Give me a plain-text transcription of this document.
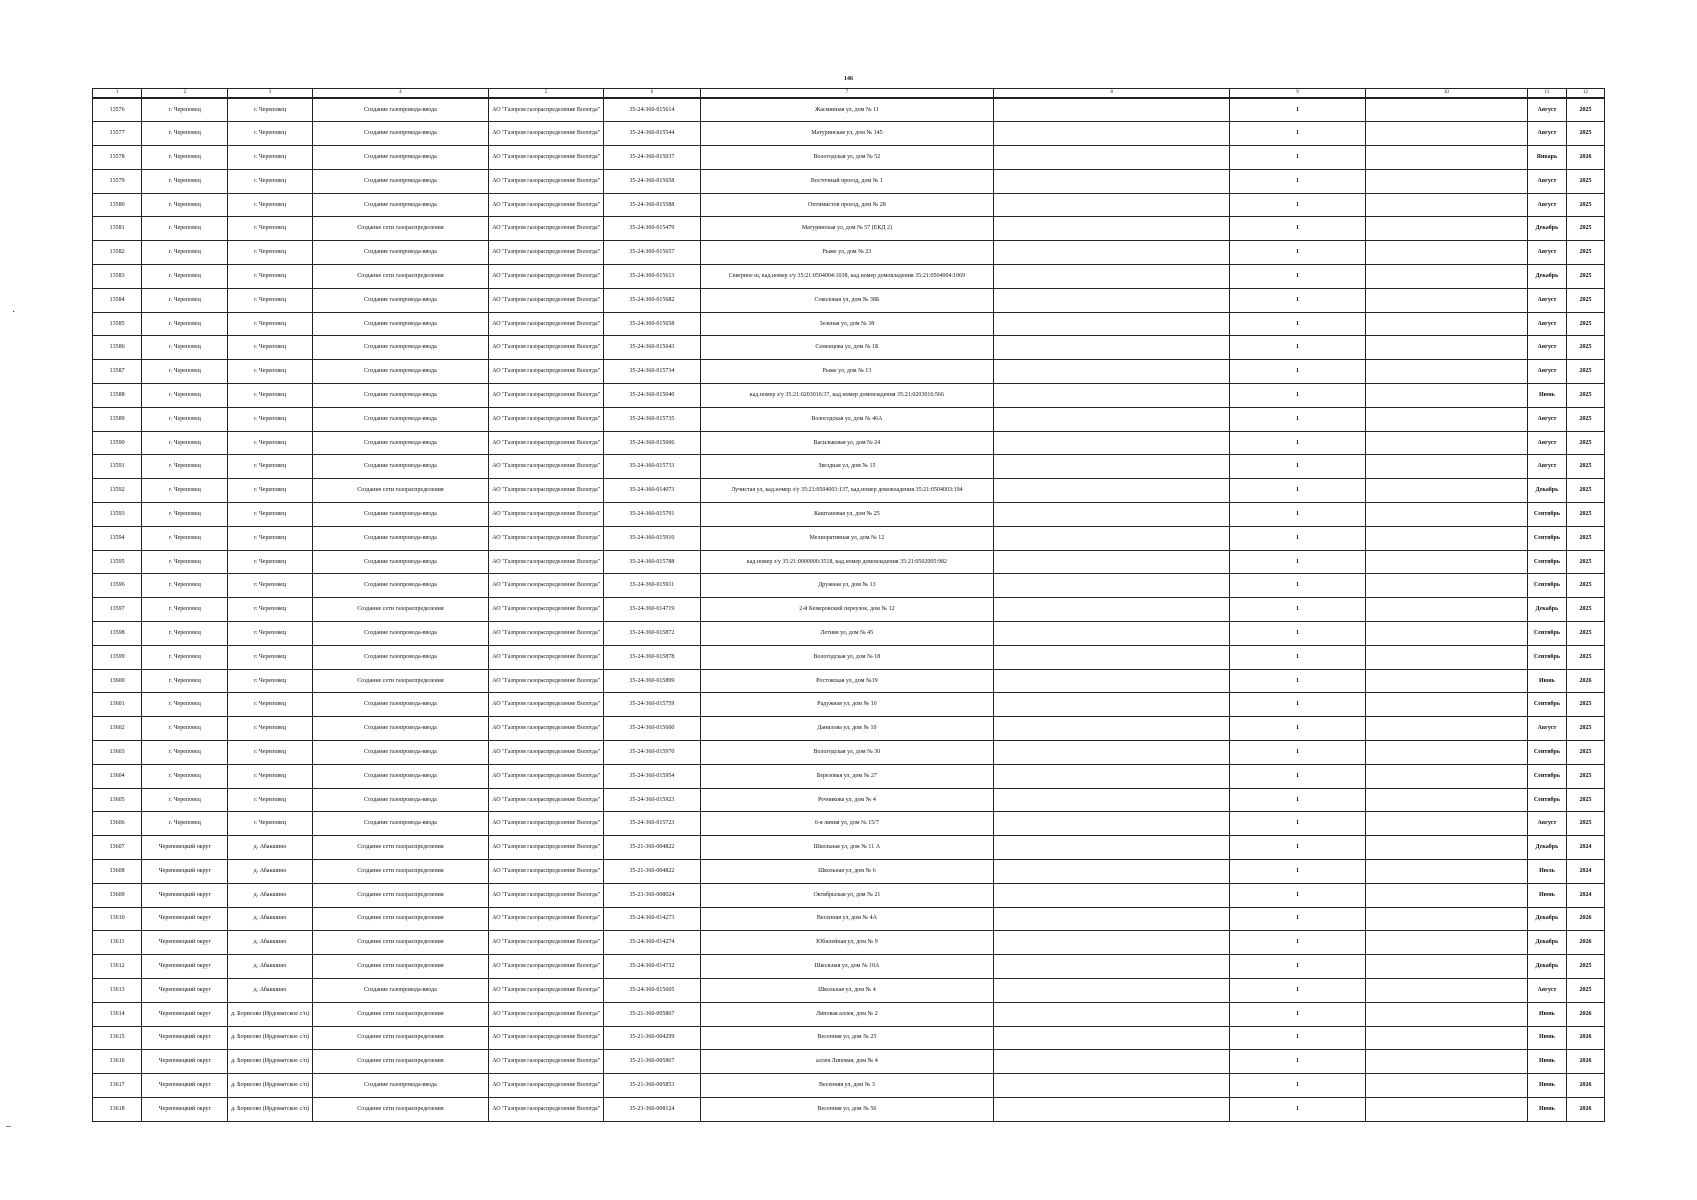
146
·
–
1	2	3	4	5	6	7	8	9	10	11	12
13576	г. Череповец	г. Череповец	Создание газопровода-ввода	АО "Газпром газораспределение Вологда"	35-24-360-015614	Жасминная ул, дом № 11		1		Август	2025
13577	г. Череповец	г. Череповец	Создание газопровода-ввода	АО "Газпром газораспределение Вологда"	35-24-360-015544	Матуринская ул, дом № 145		1		Август	2025
13578	г. Череповец	г. Череповец	Создание газопровода-ввода	АО "Газпром газораспределение Вологда"	35-24-360-015037	Вологодская ул, дом № 52		1		Январь	2026
13579	г. Череповец	г. Череповец	Создание газопровода-ввода	АО "Газпром газораспределение Вологда"	35-24-360-015658	Восточный проезд, дом № 1		1		Август	2025
13580	г. Череповец	г. Череповец	Создание газопровода-ввода	АО "Газпром газораспределение Вологда"	35-24-360-015588	Оптимистов проезд, дом № 28		1		Август	2025
13581	г. Череповец	г. Череповец	Создание сети газораспределения	АО "Газпром газораспределение Вологда"	35-24-360-015479	Матуринская ул, дом № 57 (ЕКД 2)		1		Декабрь	2025
13582	г. Череповец	г. Череповец	Создание газопровода-ввода	АО "Газпром газораспределение Вологда"	35-24-360-015657	Рыже ул, дом № 23		1		Август	2025
13583	г. Череповец	г. Череповец	Создание сети газораспределения	АО "Газпром газораспределение Вологда"	35-24-360-015613	Северное ш, кад.номер з/у 35:21:0504004:1038, кад.номер домовладения 35:21:0504004:1069		1		Декабрь	2025
13584	г. Череповец	г. Череповец	Создание газопровода-ввода	АО "Газпром газораспределение Вологда"	35-24-360-015682	Соколовая ул, дом № 38Б		1		Август	2025
13585	г. Череповец	г. Череповец	Создание газопровода-ввода	АО "Газпром газораспределение Вологда"	35-24-360-015658	Зеленая ул, дом № 38		1		Август	2025
13586	г. Череповец	г. Череповец	Создание газопровода-ввода	АО "Газпром газораспределение Вологда"	35-24-360-015643	Семенцова ул, дом № 1Б		1		Август	2025
13587	г. Череповец	г. Череповец	Создание газопровода-ввода	АО "Газпром газораспределение Вологда"	35-24-360-015734	Рыже ул, дом № 13		1		Август	2025
13588	г. Череповец	г. Череповец	Создание газопровода-ввода	АО "Газпром газораспределение Вологда"	35-24-360-015040	кад.номер з/у 35:21:0203016:37, кад.номер домовладения 35:21:0203016:566		1		Июнь	2025
13589	г. Череповец	г. Череповец	Создание газопровода-ввода	АО "Газпром газораспределение Вологда"	35-24-360-015735	Вологодская ул, дом № 46А		1		Август	2025
13590	г. Череповец	г. Череповец	Создание газопровода-ввода	АО "Газпром газораспределение Вологда"	35-24-360-015606	Васильковая ул, дом № 24		1		Август	2025
13591	г. Череповец	г. Череповец	Создание газопровода-ввода	АО "Газпром газораспределение Вологда"	35-24-360-015733	Звездная ул, дом № 15		1		Август	2025
13592	г. Череповец	г. Череповец	Создание сети газораспределения	АО "Газпром газораспределение Вологда"	35-24-360-014073	Лучистая ул, кад.номер з/у 35:21:0504003:137, кад.номер домовладения 35:21:0504003:194		1		Декабрь	2025
13593	г. Череповец	г. Череповец	Создание газопровода-ввода	АО "Газпром газораспределение Вологда"	35-24-360-015791	Каштановая ул, дом № 25		1		Сентябрь	2025
13594	г. Череповец	г. Череповец	Создание газопровода-ввода	АО "Газпром газораспределение Вологда"	35-24-360-015910	Мелиоративная ул, дом № 12		1		Сентябрь	2025
13595	г. Череповец	г. Череповец	Создание газопровода-ввода	АО "Газпром газораспределение Вологда"	35-24-360-015788	кад.номер з/у 35:21:0000000:3518, кад.номер домовладения 35:21:0502005:982		1		Сентябрь	2025
13596	г. Череповец	г. Череповец	Создание газопровода-ввода	АО "Газпром газораспределение Вологда"	35-24-360-015911	Дружная ул, дом № 13		1		Сентябрь	2025
13597	г. Череповец	г. Череповец	Создание сети газораспределения	АО "Газпром газораспределение Вологда"	35-24-360-014719	2-й Кемеровский переулок, дом № 12		1		Декабрь	2025
13598	г. Череповец	г. Череповец	Создание газопровода-ввода	АО "Газпром газораспределение Вологда"	35-24-360-015872	Летняя ул, дом № 45		1		Сентябрь	2025
13599	г. Череповец	г. Череповец	Создание газопровода-ввода	АО "Газпром газораспределение Вологда"	35-24-360-015878	Вологодская ул, дом № 18		1		Сентябрь	2025
13600	г. Череповец	г. Череповец	Создание сети газораспределения	АО "Газпром газораспределение Вологда"	35-24-360-015899	Ростовская ул, дом №19		1		Июнь	2026
13601	г. Череповец	г. Череповец	Создание газопровода-ввода	АО "Газпром газораспределение Вологда"	35-24-360-015759	Радужная ул, дом № 10		1		Сентябрь	2025
13602	г. Череповец	г. Череповец	Создание газопровода-ввода	АО "Газпром газораспределение Вологда"	35-24-360-015600	Данилова ул, дом № 10		1		Август	2025
13603	г. Череповец	г. Череповец	Создание газопровода-ввода	АО "Газпром газораспределение Вологда"	35-24-360-015970	Вологодская ул, дом № 30		1		Сентябрь	2025
13604	г. Череповец	г. Череповец	Создание газопровода-ввода	АО "Газпром газораспределение Вологда"	35-24-360-015954	Березовая ул, дом № 27		1		Сентябрь	2025
13605	г. Череповец	г. Череповец	Создание газопровода-ввода	АО "Газпром газораспределение Вологда"	35-24-360-015923	Речникова ул, дом № 4		1		Сентябрь	2025
13606	г. Череповец	г. Череповец	Создание газопровода-ввода	АО "Газпром газораспределение Вологда"	35-24-360-015723	6-я линия ул, дом № 15/7		1		Август	2025
13607	Череповецкий округ	д. Абакшино	Создание сети газораспределения	АО "Газпром газораспределение Вологда"	35-21-360-004822	Школьная ул, дом № 11 А		1		Декабрь	2024
13608	Череповецкий округ	д. Абакшино	Создание сети газораспределения	АО "Газпром газораспределение Вологда"	35-21-360-004822	Школьная ул, дом № 6		1		Июль	2024
13609	Череповецкий округ	д. Абакшино	Создание сети газораспределения	АО "Газпром газораспределение Вологда"	35-23-360-008024	Октябрьская ул, дом № 21		1		Июнь	2024
13610	Череповецкий округ	д. Абакшино	Создание сети газораспределения	АО "Газпром газораспределение Вологда"	35-24-360-014273	Весенняя ул, дом № 4А		1		Декабрь	2026
13611	Череповецкий округ	д. Абакшино	Создание сети газораспределения	АО "Газпром газораспределение Вологда"	35-24-360-014274	Юбилейная ул, дом № 9		1		Декабрь	2026
13612	Череповецкий округ	д. Абакшино	Создание сети газораспределения	АО "Газпром газораспределение Вологда"	35-24-360-014732	Школьная ул, дом № 10А		1		Декабрь	2025
13613	Череповецкий округ	д. Абакшино	Создание газопровода-ввода	АО "Газпром газораспределение Вологда"	35-24-360-015605	Школьная ул, дом № 4		1		Август	2025
13614	Череповецкий округ	д. Борисово (Ирдоматское с/п)	Создание сети газораспределения	АО "Газпром газораспределение Вологда"	35-21-360-005867	Липовая аллея, дом № 2		1		Июнь	2026
13615	Череповецкий округ	д. Борисово (Ирдоматское с/п)	Создание сети газораспределения	АО "Газпром газораспределение Вологда"	35-21-360-004299	Весенняя ул, дом № 25		1		Июнь	2026
13616	Череповецкий округ	д. Борисово (Ирдоматское с/п)	Создание сети газораспределения	АО "Газпром газораспределение Вологда"	35-21-360-005867	аллея Липовая, дом № 4		1		Июнь	2026
13617	Череповецкий округ	д. Борисово (Ирдоматское с/п)	Создание газопровода-ввода	АО "Газпром газораспределение Вологда"	35-21-360-005853	Весенняя ул, дом № 3		1		Июнь	2026
13618	Череповецкий округ	д. Борисово (Ирдоматское с/п)	Создание сети газораспределения	АО "Газпром газораспределение Вологда"	35-23-360-008124	Весенняя ул, дом № 56		1		Июнь	2026
